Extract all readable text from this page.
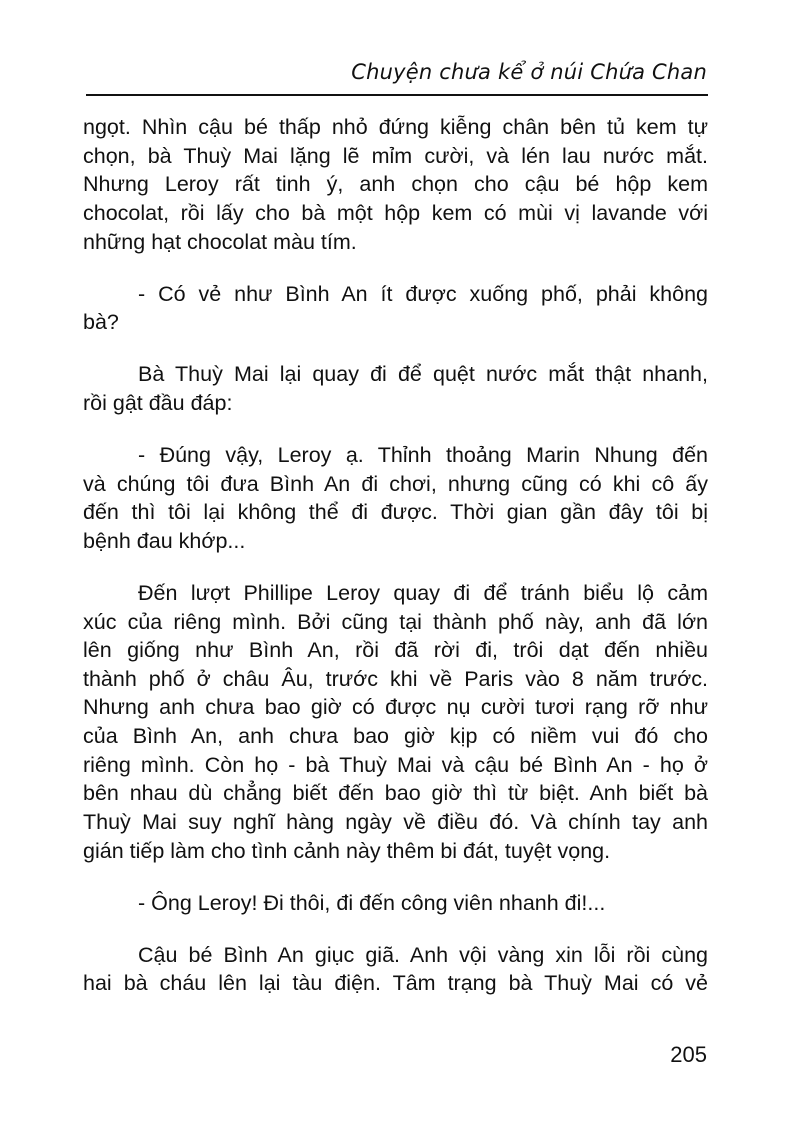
Chuyện chưa kể ở núi Chứa Chan
ngọt. Nhìn cậu bé thấp nhỏ đứng kiễng chân bên tủ kem tự
chọn, bà Thuỳ Mai lặng lẽ mỉm cười, và lén lau nước mắt.
Nhưng Leroy rất tinh ý, anh chọn cho cậu bé hộp kem
chocolat, rồi lấy cho bà một hộp kem có mùi vị lavande với
những hạt chocolat màu tím.
- Có vẻ như Bình An ít được xuống phố, phải không
bà?
Bà Thuỳ Mai lại quay đi để quệt nước mắt thật nhanh,
rồi gật đầu đáp:
- Đúng vậy, Leroy ạ. Thỉnh thoảng Marin Nhung đến
và chúng tôi đưa Bình An đi chơi, nhưng cũng có khi cô ấy
đến thì tôi lại không thể đi được. Thời gian gần đây tôi bị
bệnh đau khớp...
Đến lượt Phillipe Leroy quay đi để tránh biểu lộ cảm
xúc của riêng mình. Bởi cũng tại thành phố này, anh đã lớn
lên giống như Bình An, rồi đã rời đi, trôi dạt đến nhiều
thành phố ở châu Âu, trước khi về Paris vào 8 năm trước.
Nhưng anh chưa bao giờ có được nụ cười tươi rạng rỡ như
của Bình An, anh chưa bao giờ kịp có niềm vui đó cho
riêng mình. Còn họ - bà Thuỳ Mai và cậu bé Bình An - họ ở
bên nhau dù chẳng biết đến bao giờ thì từ biệt. Anh biết bà
Thuỳ Mai suy nghĩ hàng ngày về điều đó. Và chính tay anh
gián tiếp làm cho tình cảnh này thêm bi đát, tuyệt vọng.
- Ông Leroy! Đi thôi, đi đến công viên nhanh đi!...
Cậu bé Bình An giục giã. Anh vội vàng xin lỗi rồi cùng
hai bà cháu lên lại tàu điện. Tâm trạng bà Thuỳ Mai có vẻ
205
